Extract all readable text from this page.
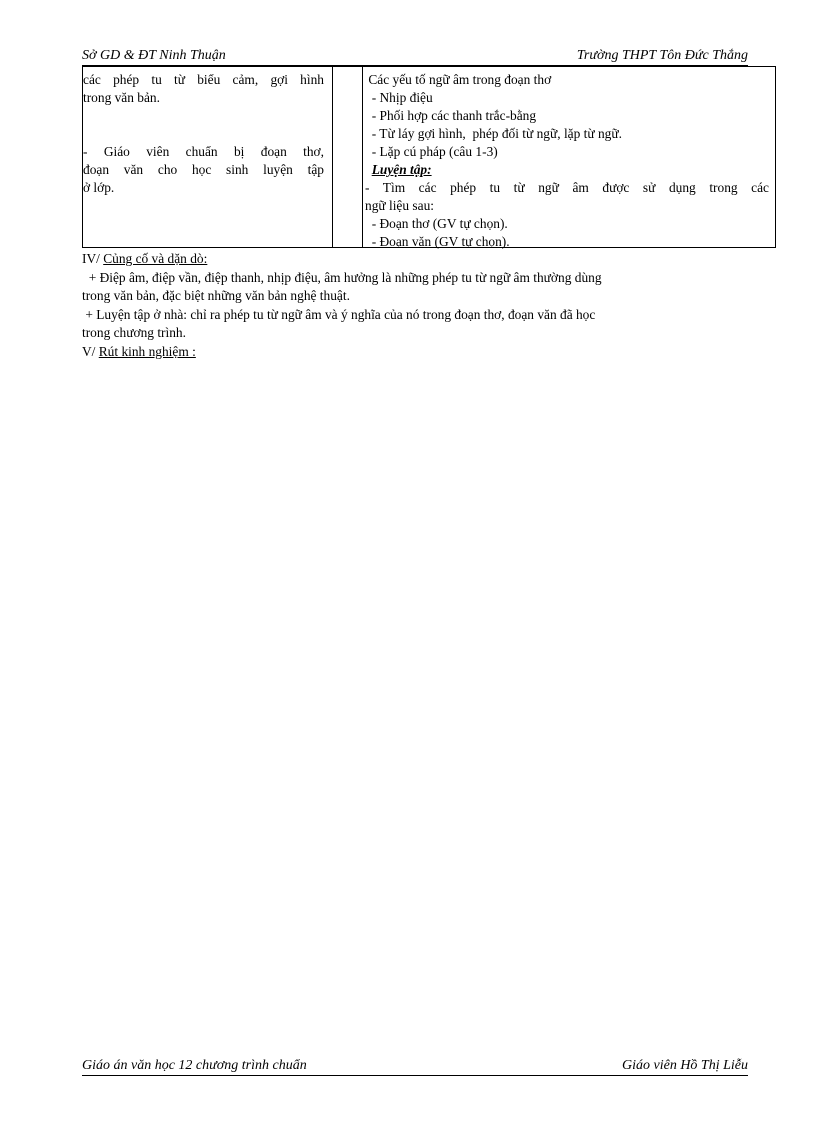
Sở GD & ĐT Ninh Thuận	Trường THPT Tôn Đức Thắng
các phép tu từ biểu cảm, gợi hình
trong văn bản.
- Giáo viên chuẩn bị đoạn thơ,
đoạn văn cho học sinh luyện tập
ở lớp.
Các yếu tố ngữ âm trong đoạn thơ
- Nhịp điệu
- Phối hợp các thanh trắc-bằng
- Từ láy gợi hình,  phép đối từ ngữ, lặp từ ngữ.
- Lặp cú pháp (câu 1-3)
Luyện tập:
- Tìm các phép tu từ ngữ âm được sử dụng trong các
ngữ liệu sau:
- Đoạn thơ (GV tự chọn).
- Đoạn văn (GV tự chọn).
IV/ Củng cố và dặn dò:
+ Điệp âm, điệp vần, điệp thanh, nhịp điệu, âm hưởng là những phép tu từ ngữ âm thường dùng
trong văn bản, đặc biệt những văn bản nghệ thuật.
+ Luyện tập ở nhà: chỉ ra phép tu từ ngữ âm và ý nghĩa của nó trong đoạn thơ, đoạn văn đã học
trong chương trình.
V/ Rút kinh nghiệm :
Giáo án văn học 12 chương trình chuẩn	Giáo viên Hồ Thị Liễu
